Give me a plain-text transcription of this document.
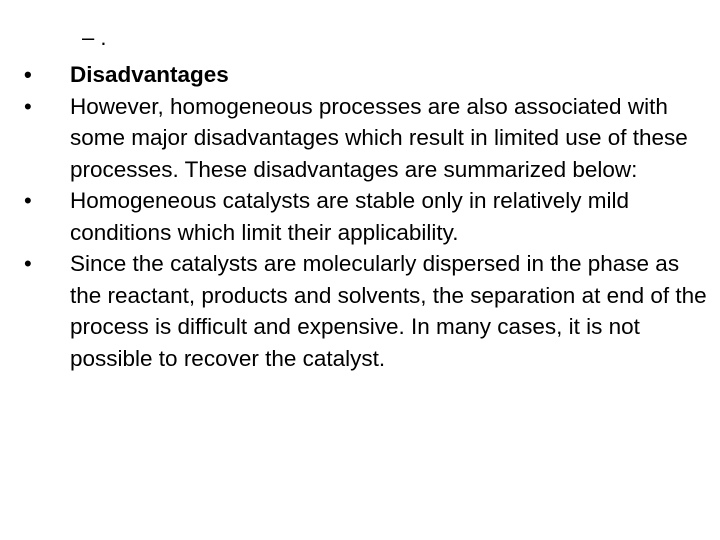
– .
•	Disadvantages
•	However, homogeneous processes are also associated with some major disadvantages which result in limited use of these processes. These disadvantages are summarized below:
•	Homogeneous catalysts are stable only in relatively mild conditions which limit their applicability.
•	Since the catalysts are molecularly dispersed in the phase as the reactant, products and solvents, the separation at end of the process is difficult and expensive. In many cases, it is not possible to recover the catalyst.
